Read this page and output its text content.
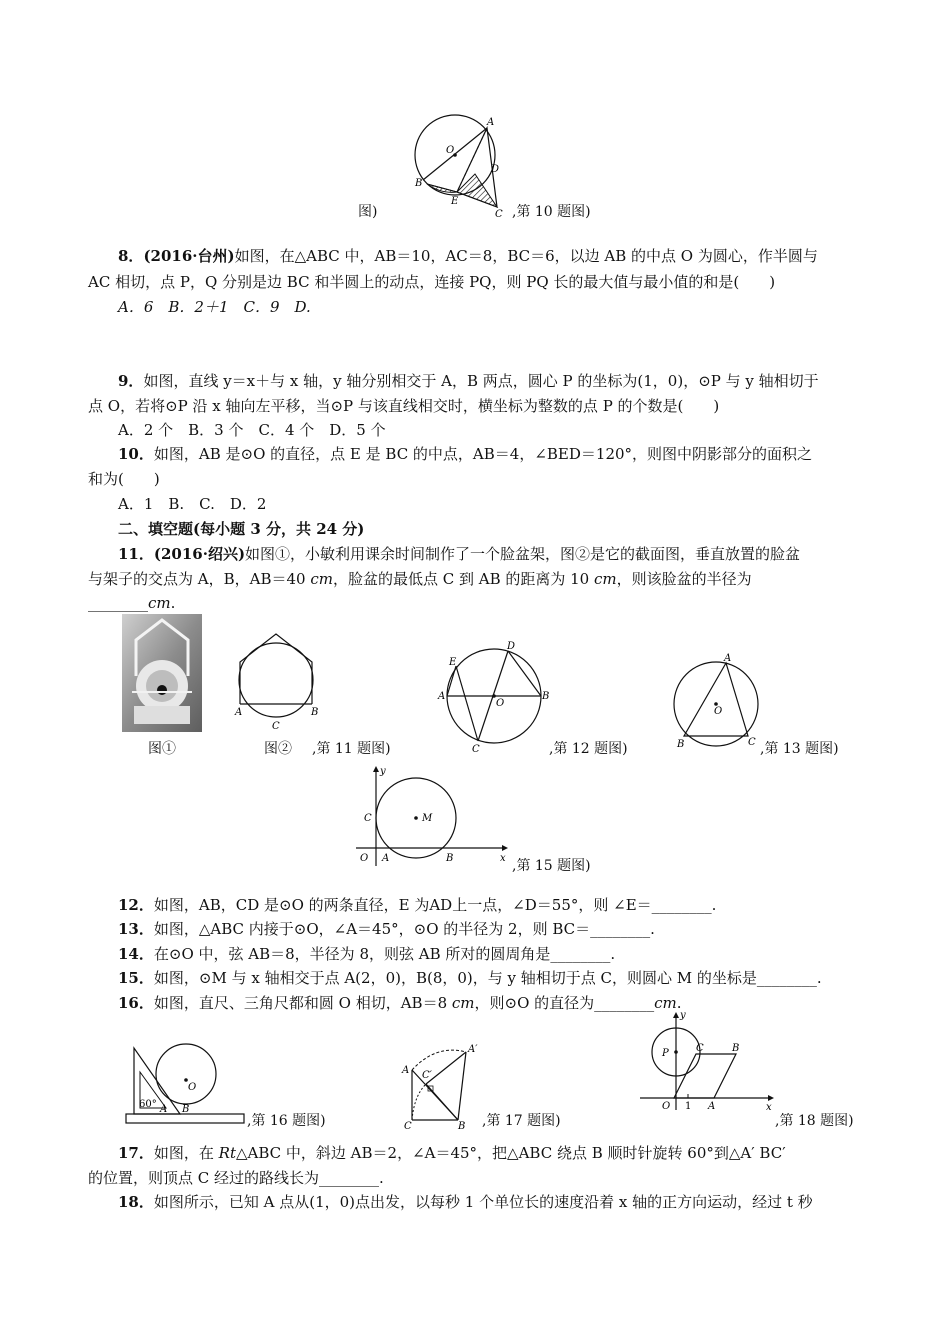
O
A
B
E
D
C
图)	,第 10 题图)
8．(2016·台州)如图，在△ABC 中，AB＝10，AC＝8，BC＝6，以边 AB 的中点 O 为圆心，作半圆与
AC 相切，点 P，Q 分别是边 BC 和半圆上的动点，连接 PQ，则 PQ 长的最大值与最小值的和是(　　)
A．6　B．2＋1　C．9　D.
9．如图，直线 y＝x＋与 x 轴，y 轴分别相交于 A，B 两点，圆心 P 的坐标为(1，0)，⊙P 与 y 轴相切于
点 O，若将⊙P 沿 x 轴向左平移，当⊙P 与该直线相交时，横坐标为整数的点 P 的个数是(　　)
A．2 个　B．3 个　C．4 个　D．5 个
10．如图，AB 是⊙O 的直径，点 E 是 BC 的中点，AB＝4，∠BED＝120°，则图中阴影部分的面积之
和为(　　)
A．1　B.　C.　D．2
二、填空题(每小题 3 分，共 24 分)
11．(2016·绍兴)如图①，小敏利用课余时间制作了一个脸盆架，图②是它的截面图，垂直放置的脸盆
与架子的交点为 A，B，AB＝40 cm，脸盆的最低点 C 到 AB 的距离为 10 cm，则该脸盆的半径为
________cm.
图①
A	B
C
图② ,第 11 题图)
O
E
D
A	B
C	,第 12 题图)
O
A
B	C ,第 13 题图)
M
y
x
C
O A	B	,第 15 题图)
12．如图，AB，CD 是⊙O 的两条直径，E 为AD上一点，∠D＝55°，则 ∠E＝________.
13．如图，△ABC 内接于⊙O，∠A＝45°，⊙O 的半径为 2，则 BC＝________.
14．在⊙O 中，弦 AB＝8，半径为 8，则弦 AB 所对的圆周角是________.
15．如图，⊙M 与 x 轴相交于点 A(2，0)，B(8，0)，与 y 轴相切于点 C，则圆心 M 的坐标是________.
16．如图，直尺、三角尺都和圆 O 相切，AB＝8 cm，则⊙O 的直径为________cm.
O
60° A B
,第 16 题图)
A
A′
C′
C	B ,第 17 题图)
y
x
P	C	B
O 1 A
,第 18 题图)
17．如图，在 Rt△ABC 中，斜边 AB＝2，∠A＝45°，把△ABC 绕点 B 顺时针旋转 60°到△A′ BC′
的位置，则顶点 C 经过的路线长为________.
18．如图所示，已知 A 点从(1，0)点出发，以每秒 1 个单位长的速度沿着 x 轴的正方向运动，经过 t 秒
